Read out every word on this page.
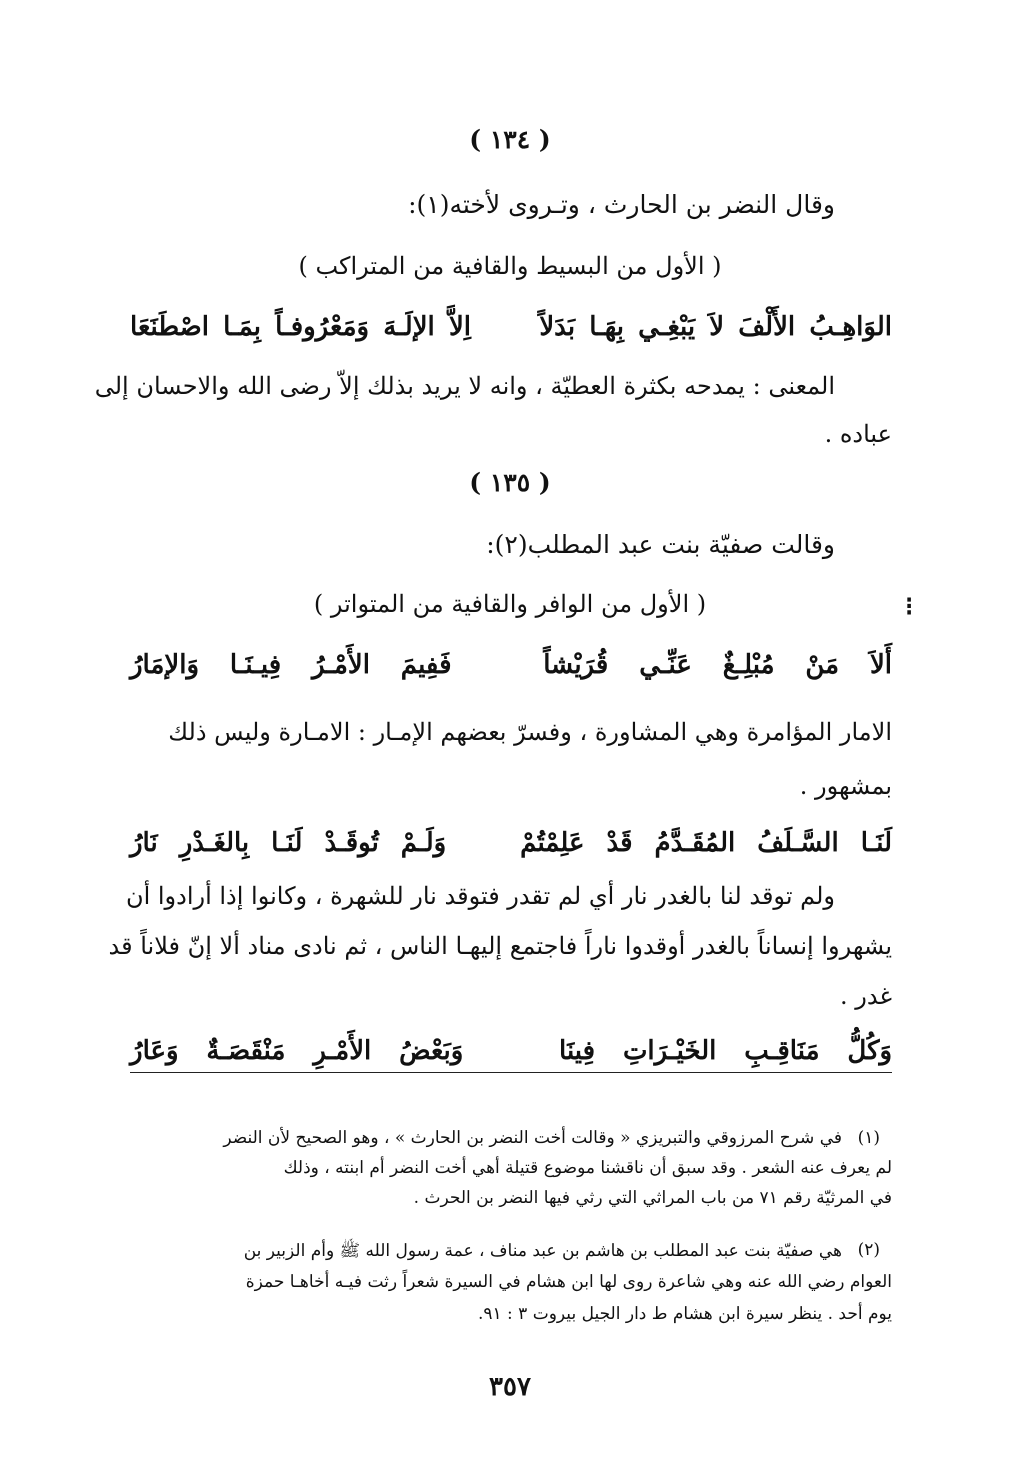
( ١٣٤ )
وقال النضر بن الحارث ، وتـروى لأخته(١):
( الأول من البسيط والقافية من المتراكب )
الوَاهِـبُ
الأَلْفَ
لاَ
يَبْغِـي
بِهَـا
بَدَلاً
اِلاَّ
الإلَـهَ
وَمَعْرُوفـاً
بِمَـا
اصْطَنَعَا
المعنى : يمدحه بكثرة العطيّة ، وانه لا يريد بذلك إلاّ رضى الله والاحسان إلى
عباده .
( ١٣٥ )
وقالت صفيّة بنت عبد المطلب(٢):
( الأول من الوافر والقافية من المتواتر )	⁝
أَلاَ
مَنْ
مُبْلِـغٌ
عَنِّـي
قُرَيْشاً
فَفِيمَ
الأَمْـرُ
فِيـنَـا
وَالإمَارُ
الامار المؤامرة وهي المشاورة ، وفسرّ بعضهم الإمـار : الامـارة وليس ذلك
بمشهور .
لَنَـا
السَّـلَفُ
المُقَـدَّمُ
قَدْ
عَلِمْتُمْ
وَلَـمْ
تُوقَـدْ
لَنَـا
بِالغَـدْرِ
نَارُ
ولم توقد لنا بالغدر نار أي لم تقدر فتوقد نار للشهرة ، وكانوا إذا أرادوا أن
يشهروا إنساناً بالغدر أوقدوا ناراً فاجتمع إليهـا الناس ، ثم نادى مناد ألا إنّ فلاناً قد
غدر .
وَكُلُّ
مَنَاقِـبِ
الخَيْـرَاتِ
فِينَا
وَبَعْضُ
الأَمْـرِ
مَنْقَصَـةٌ
وَعَارُ
(١)
في شرح المرزوقي والتبريزي « وقالت أخت النضر بن الحارث » ، وهو الصحيح لأن النضر
لم يعرف عنه الشعر . وقد سبق أن ناقشنا موضوع قتيلة أهي أخت النضر أم ابنته ، وذلك
في المرثيّة رقم ٧١ من باب المراثي التي رثي فيها النضر بن الحرث .
(٢)
هي صفيّة بنت عبد المطلب بن هاشم بن عبد مناف ، عمة رسول الله ﷺ وأم الزبير بن
العوام رضي الله عنه وهي شاعرة روى لها ابن هشام في السيرة شعراً رثت فيـه أخاهـا حمزة
يوم أحد . ينظر سيرة ابن هشام ط دار الجيل بيروت ٣ : ٩١.
٣٥٧
